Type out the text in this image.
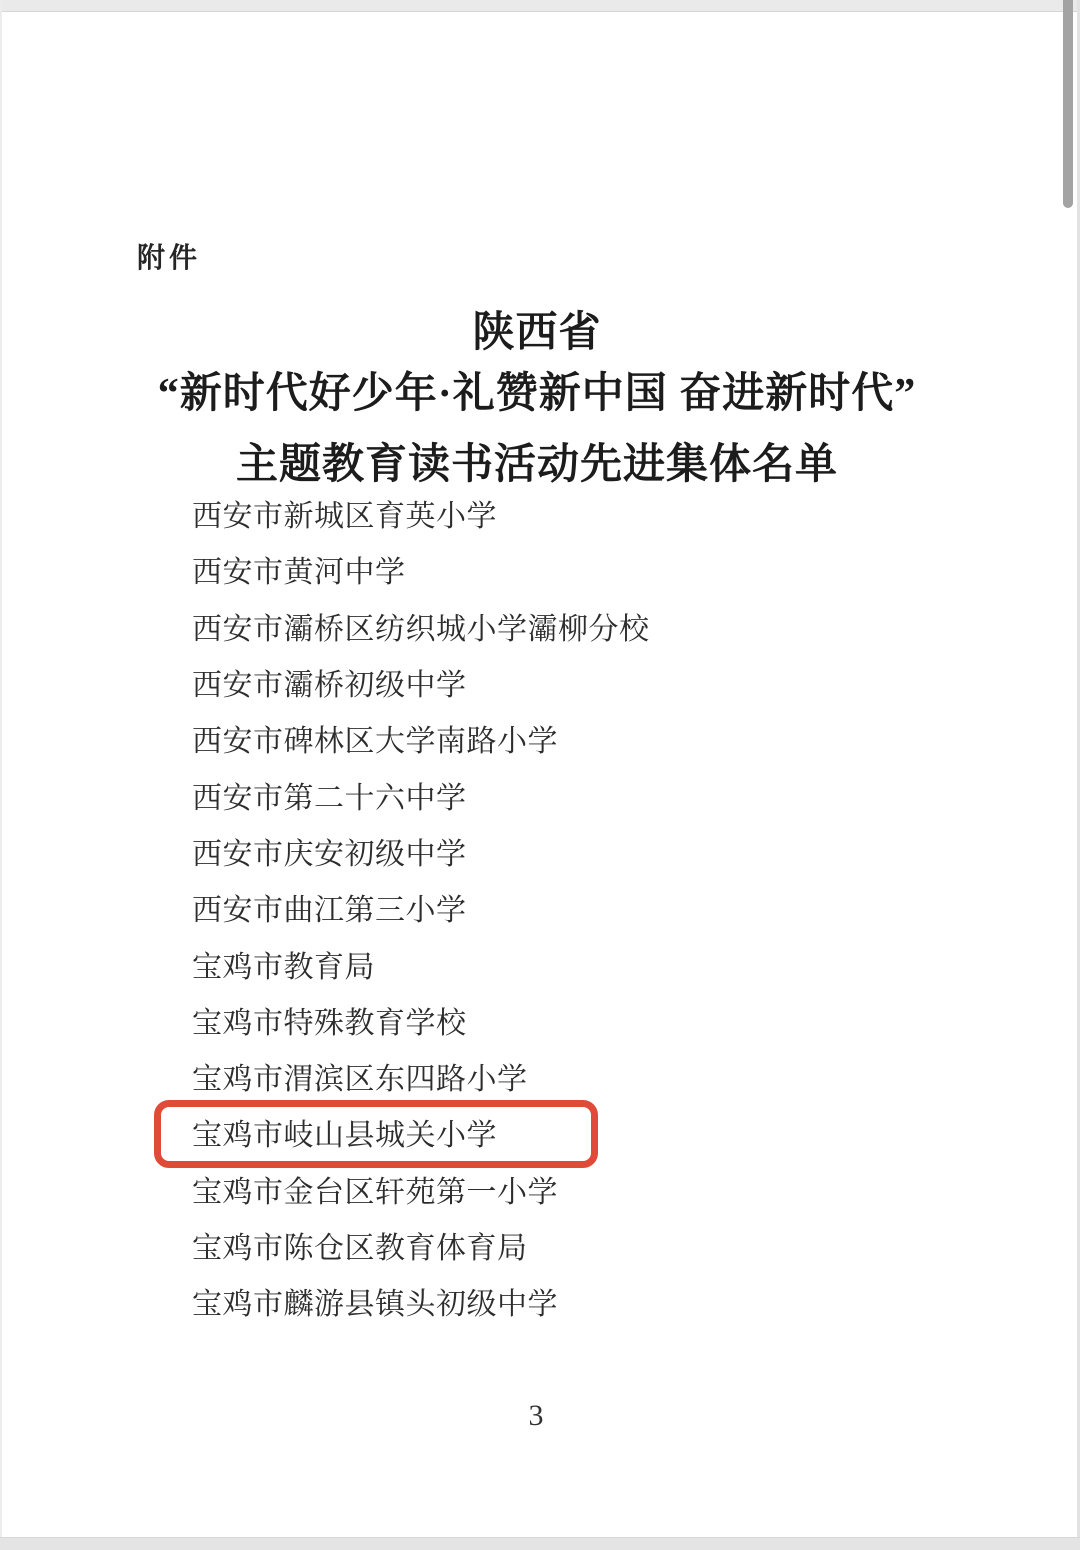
附件
陕西省
“新时代好少年·礼赞新中国 奋进新时代”
主题教育读书活动先进集体名单
西安市新城区育英小学
西安市黄河中学
西安市灞桥区纺织城小学灞柳分校
西安市灞桥初级中学
西安市碑林区大学南路小学
西安市第二十六中学
西安市庆安初级中学
西安市曲江第三小学
宝鸡市教育局
宝鸡市特殊教育学校
宝鸡市渭滨区东四路小学
宝鸡市岐山县城关小学
宝鸡市金台区轩苑第一小学
宝鸡市陈仓区教育体育局
宝鸡市麟游县镇头初级中学
3
